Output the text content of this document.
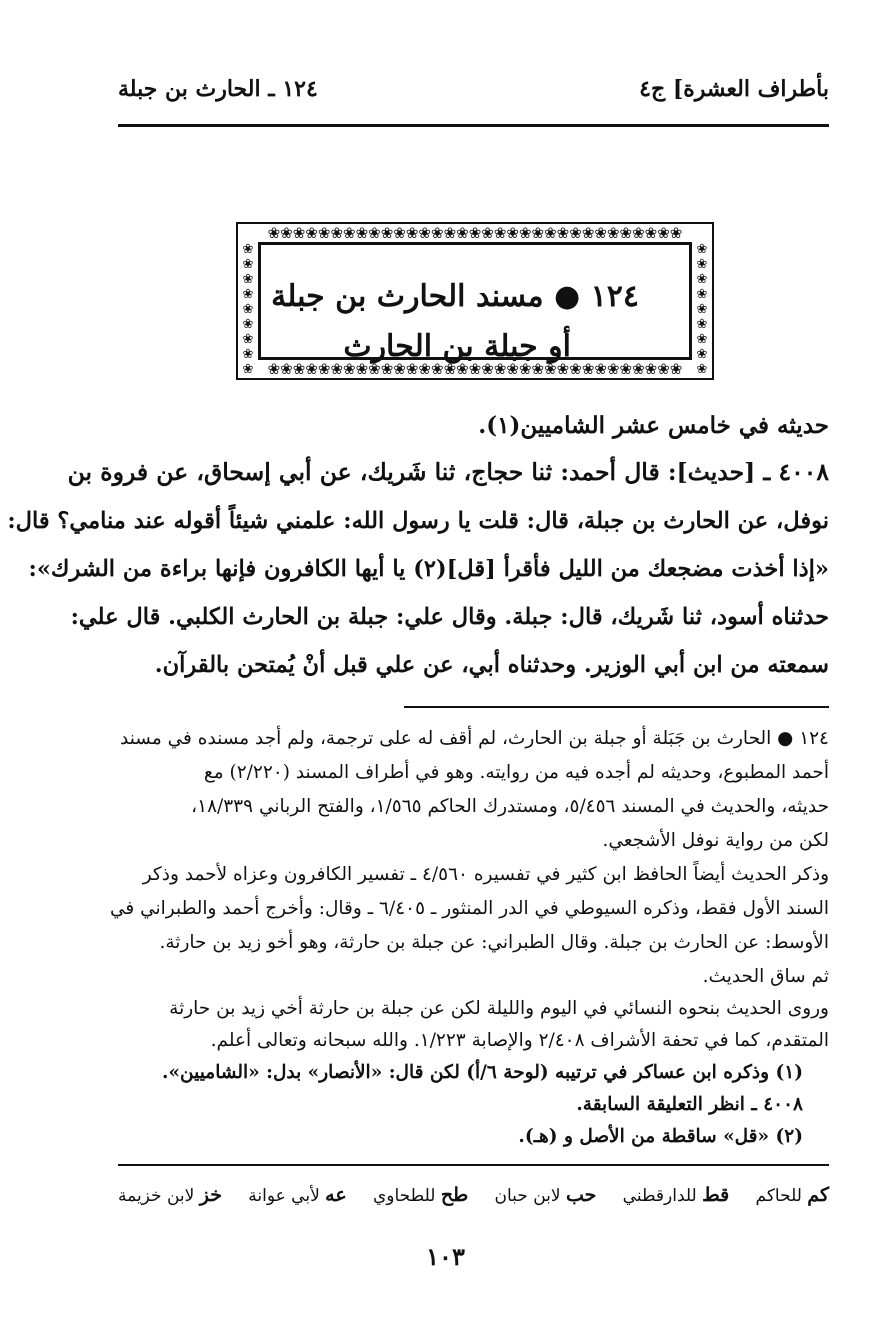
بأطراف العشرة] ج٤
١٢٤ ـ الحارث بن جبلة
❀❀❀❀❀❀❀❀❀❀❀❀❀❀❀❀❀❀❀❀❀❀❀❀❀❀❀❀❀❀❀❀❀
❀❀❀❀❀❀❀❀❀❀❀❀❀❀❀❀❀❀❀❀❀❀❀❀❀❀❀❀❀❀❀❀❀
❀❀❀❀❀❀❀❀❀
❀❀❀❀❀❀❀❀❀
١٢٤ ● مسند الحارث بن جبلة
أو جبلة بن الحارث
حديثه في خامس عشر الشاميين(١).
٤٠٠٨ ـ [حديث]: قال أحمد: ثنا حجاج، ثنا شَريك، عن أبي إسحاق، عن فروة بن
نوفل، عن الحارث بن جبلة، قال: قلت يا رسول الله: علمني شيئاً أقوله عند منامي؟ قال:
«إذا أخذت مضجعك من الليل فأقرأ [قل](٢) يا أيها الكافرون فإنها براءة من الشرك»:
حدثناه أسود، ثنا شَريك، قال: جبلة. وقال علي: جبلة بن الحارث الكلبي. قال علي:
سمعته من ابن أبي الوزير. وحدثناه أبي، عن علي قبل أنْ يُمتحن بالقرآن.
١٢٤ ● الحارث بن جَبَلة أو جبلة بن الحارث، لم أقف له على ترجمة، ولم أجد مسنده في مسند
أحمد المطبوع، وحديثه لم أجده فيه من روايته. وهو في أطراف المسند (٢/٢٢٠) مع
حديثه، والحديث في المسند ٥/٤٥٦، ومستدرك الحاكم ١/٥٦٥، والفتح الرباني ١٨/٣٣٩،
لكن من رواية نوفل الأشجعي.
وذكر الحديث أيضاً الحافظ ابن كثير في تفسيره ٤/٥٦٠ ـ تفسير الكافرون وعزاه لأحمد وذكر
السند الأول فقط، وذكره السيوطي في الدر المنثور ـ ٦/٤٠٥ ـ وقال: وأخرج أحمد والطبراني في
الأوسط: عن الحارث بن جبلة. وقال الطبراني: عن جبلة بن حارثة، وهو أخو زيد بن حارثة.
ثم ساق الحديث.
وروى الحديث بنحوه النسائي في اليوم والليلة لكن عن جبلة بن حارثة أخي زيد بن حارثة
المتقدم، كما في تحفة الأشراف ٢/٤٠٨ والإصابة ١/٢٢٣. والله سبحانه وتعالى أعلم.
(١) وذكره ابن عساكر في ترتيبه (لوحة ٦/أ) لكن قال: «الأنصار» بدل: «الشاميين».
٤٠٠٨ ـ انظر التعليقة السابقة.
(٢) «قل» ساقطة من الأصل و (هـ).
خز لابن خزيمة	عه لأبي عوانة	طح للطحاوي	حب لابن حبان	قط للدارقطني	كم للحاكم
١٠٣
